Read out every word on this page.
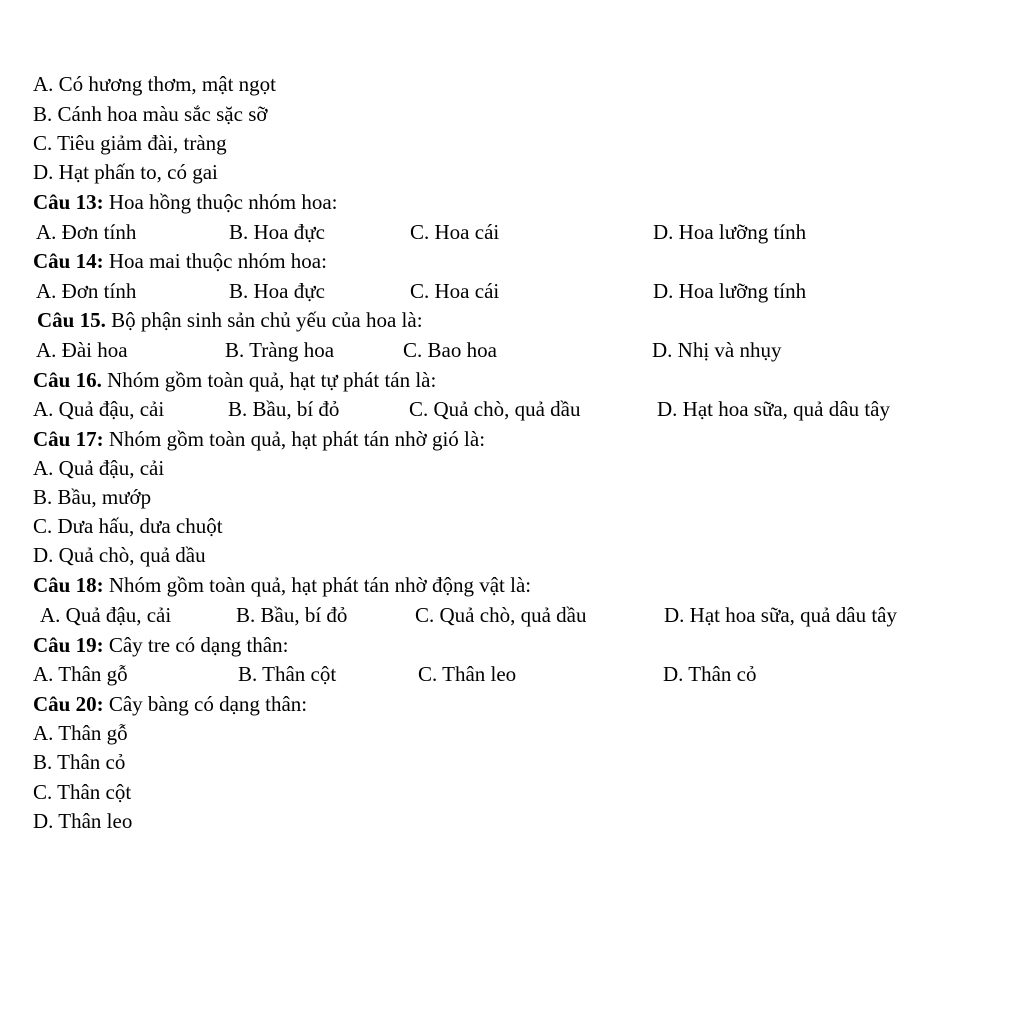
A. Có hương thơm, mật ngọt
B. Cánh hoa màu sắc sặc sỡ
C. Tiêu giảm đài, tràng
D. Hạt phấn to, có gai
Câu 13: Hoa hồng thuộc nhóm hoa:
A. Đơn tính	B. Hoa đực	C. Hoa cái	D. Hoa lưỡng tính
Câu 14: Hoa mai thuộc nhóm hoa:
A. Đơn tính	B. Hoa đực	C. Hoa cái	D. Hoa lưỡng tính
Câu 15. Bộ phận sinh sản chủ yếu của hoa là:
A. Đài hoa	B. Tràng hoa	C. Bao hoa	D. Nhị và nhụy
Câu 16. Nhóm gồm toàn quả, hạt tự phát tán là:
A. Quả đậu, cải	B. Bầu, bí đỏ	C. Quả chò, quả dầu	D. Hạt hoa sữa, quả dâu tây
Câu 17: Nhóm gồm toàn quả, hạt phát tán nhờ gió là:
A. Quả đậu, cải
B. Bầu, mướp
C. Dưa hấu, dưa chuột
D. Quả chò, quả dầu
Câu 18: Nhóm gồm toàn quả, hạt phát tán nhờ động vật là:
A. Quả đậu, cải	B. Bầu, bí đỏ	C. Quả chò, quả dầu	D. Hạt hoa sữa, quả dâu tây
Câu 19: Cây tre có dạng thân:
A. Thân gỗ	B. Thân cột	C. Thân leo	D. Thân cỏ
Câu 20: Cây bàng có dạng thân:
A. Thân gỗ
B. Thân cỏ
C. Thân cột
D. Thân leo
